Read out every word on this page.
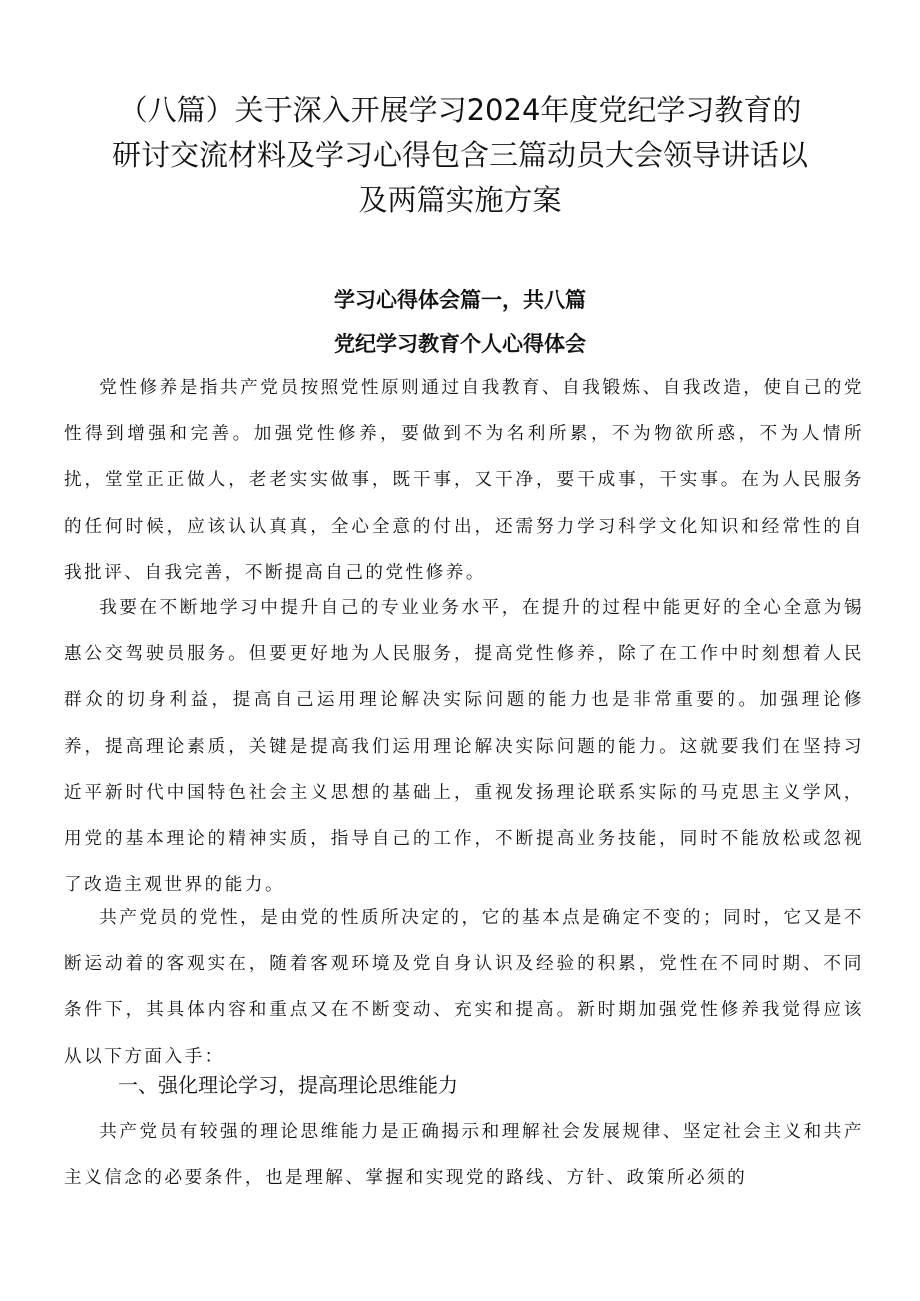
（八篇）关于深入开展学习2024年度党纪学习教育的
研讨交流材料及学习心得包含三篇动员大会领导讲话以
及两篇实施方案
学习心得体会篇一，共八篇
党纪学习教育个人心得体会

党性修养是指共产党员按照党性原则通过自我教育、自我锻炼、自我改造，使自己的党性得到增强和完善。加强党性修养，要做到不为名利所累，不为物欲所惑，不为人情所扰，堂堂正正做人，老老实实做事，既干事，又干净，要干成事，干实事。在为人民服务的任何时候，应该认认真真，全心全意的付出，还需努力学习科学文化知识和经常性的自我批评、自我完善，不断提高自己的党性修养。

我要在不断地学习中提升自己的专业业务水平，在提升的过程中能更好的全心全意为锡惠公交驾驶员服务。但要更好地为人民服务，提高党性修养，除了在工作中时刻想着人民群众的切身利益，提高自己运用理论解决实际问题的能力也是非常重要的。加强理论修养，提高理论素质，关键是提高我们运用理论解决实际问题的能力。这就要我们在坚持习近平新时代中国特色社会主义思想的基础上，重视发扬理论联系实际的马克思主义学风，用党的基本理论的精神实质，指导自己的工作，不断提高业务技能，同时不能放松或忽视了改造主观世界的能力。

共产党员的党性，是由党的性质所决定的，它的基本点是确定不变的；同时，它又是不断运动着的客观实在，随着客观环境及党自身认识及经验的积累，党性在不同时期、不同条件下，其具体内容和重点又在不断变动、充实和提高。新时期加强党性修养我觉得应该从以下方面入手：

一、强化理论学习，提高理论思维能力

共产党员有较强的理论思维能力是正确揭示和理解社会发展规律、坚定社会主义和共产主义信念的必要条件，也是理解、掌握和实现党的路线、方针、政策所必须的
